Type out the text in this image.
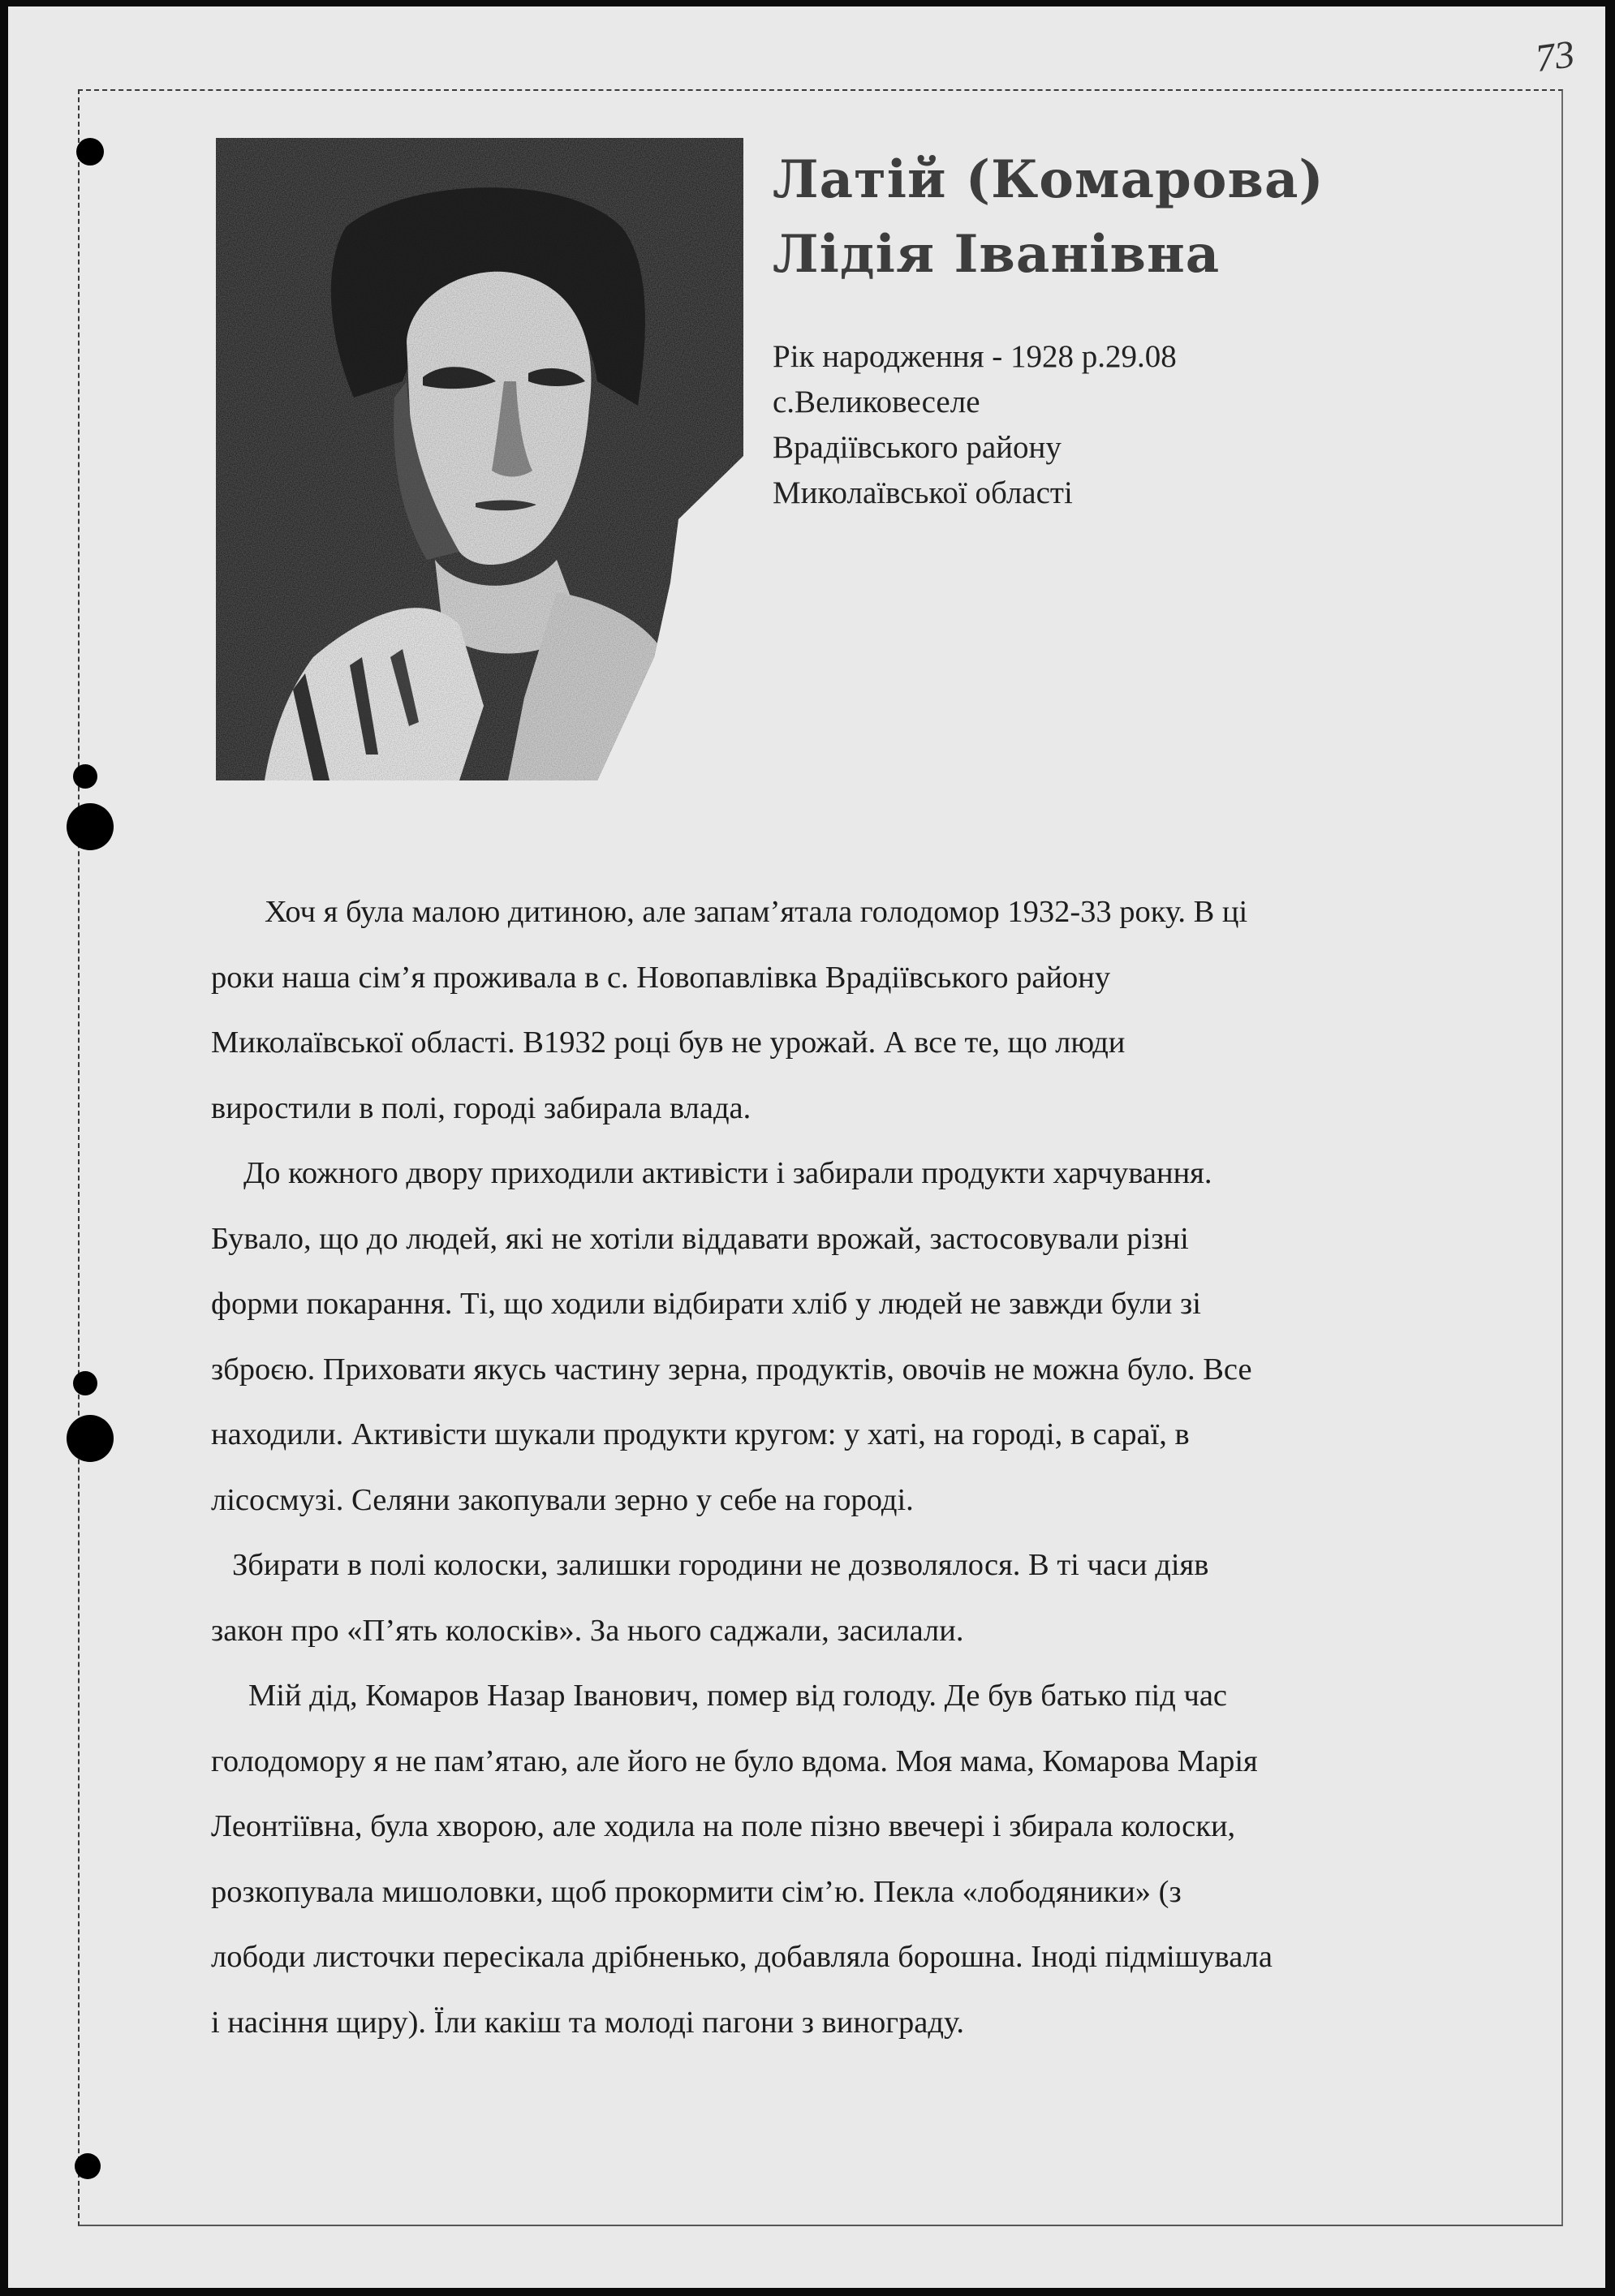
73
Латій (Комарова)
Лідія Іванівна
Рік народження - 1928 р.29.08
с.Великовеселе
Врадіївського району
Миколаївської області
Хоч я була малою дитиною, але запам’ятала голодомор 1932-33 року. В ці
роки наша сім’я проживала в с. Новопавлівка Врадіївського району
Миколаївської області. В1932 році був не урожай. А все те, що люди
виростили в полі, городі забирала влада.
До кожного двору приходили активісти і забирали продукти харчування.
Бувало, що до людей, які не хотіли віддавати врожай, застосовували різні
форми покарання. Ті, що ходили відбирати хліб у людей не завжди були зі
зброєю. Приховати якусь частину зерна, продуктів, овочів не можна було. Все
находили. Активісти шукали продукти кругом: у хаті, на городі, в сараї, в
лісосмузі. Селяни закопували зерно у себе на городі.
Збирати в полі колоски, залишки городини не дозволялося. В ті часи діяв
закон про «П’ять колосків». За нього саджали, засилали.
Мій дід, Комаров Назар Іванович, помер від голоду. Де був батько під час
голодомору я не пам’ятаю, але його не було вдома. Моя мама, Комарова Марія
Леонтіївна, була хворою, але ходила на поле пізно ввечері і збирала колоски,
розкопувала мишоловки, щоб прокормити сім’ю. Пекла «лободяники» (з
лободи листочки пересікала дрібненько, добавляла борошна. Іноді підмішувала
і насіння щиру). Їли какіш та молоді пагони з винограду.
